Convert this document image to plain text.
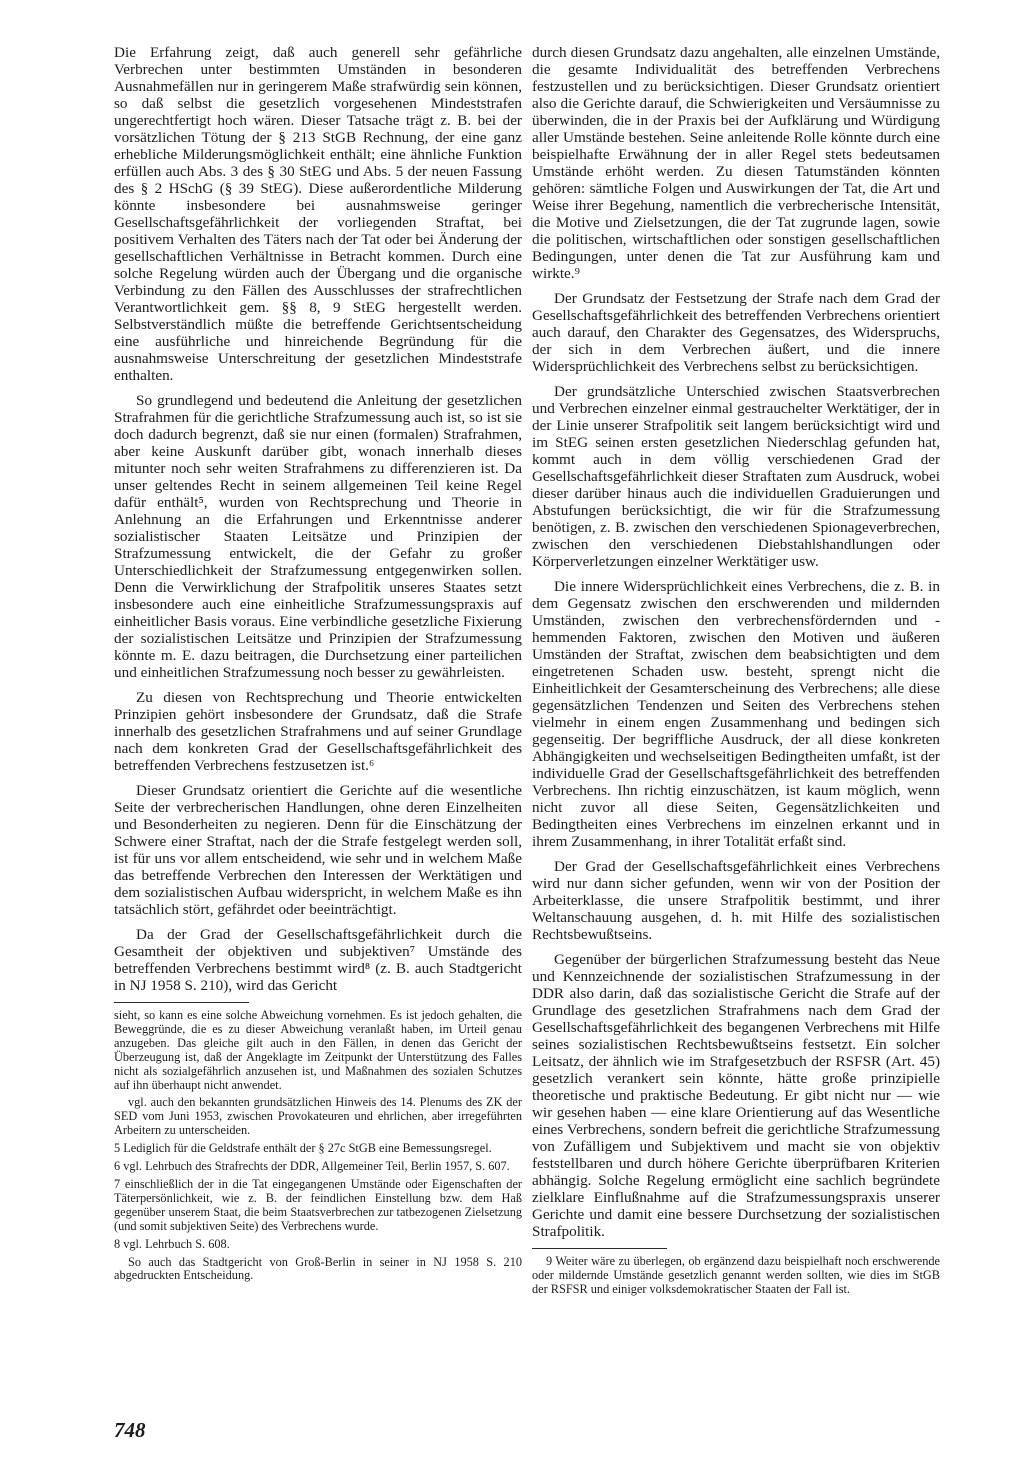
Die Erfahrung zeigt, daß auch generell sehr gefährliche Verbrechen unter bestimmten Umständen in besonderen Ausnahmefällen nur in geringerem Maße strafwürdig sein können, so daß selbst die gesetzlich vorgesehenen Mindeststrafen ungerechtfertigt hoch wären. Dieser Tatsache trägt z. B. bei der vorsätzlichen Tötung der § 213 StGB Rechnung, der eine ganz erhebliche Milderungsmöglichkeit enthält; eine ähnliche Funktion erfüllen auch Abs. 3 des § 30 StEG und Abs. 5 der neuen Fassung des § 2 HSchG (§ 39 StEG). Diese außerordentliche Milderung könnte insbesondere bei ausnahmsweise geringer Gesellschaftsgefährlichkeit der vorliegenden Straftat, bei positivem Verhalten des Täters nach der Tat oder bei Änderung der gesellschaftlichen Verhältnisse in Betracht kommen. Durch eine solche Regelung würden auch der Übergang und die organische Verbindung zu den Fällen des Ausschlusses der strafrechtlichen Verantwortlichkeit gem. §§ 8, 9 StEG hergestellt werden. Selbstverständlich müßte die betreffende Gerichtsentscheidung eine ausführliche und hinreichende Begründung für die ausnahmsweise Unterschreitung der gesetzlichen Mindeststrafe enthalten.

So grundlegend und bedeutend die Anleitung der gesetzlichen Strafrahmen für die gerichtliche Strafzumessung auch ist, so ist sie doch dadurch begrenzt, daß sie nur einen (formalen) Strafrahmen, aber keine Auskunft darüber gibt, wonach innerhalb dieses mitunter noch sehr weiten Strafrahmens zu differenzieren ist. Da unser geltendes Recht in seinem allgemeinen Teil keine Regel dafür enthält⁵, wurden von Rechtsprechung und Theorie in Anlehnung an die Erfahrungen und Erkenntnisse anderer sozialistischer Staaten Leitsätze und Prinzipien der Strafzumessung entwickelt, die der Gefahr zu großer Unterschiedlichkeit der Strafzumessung entgegenwirken sollen. Denn die Verwirklichung der Strafpolitik unseres Staates setzt insbesondere auch eine einheitliche Strafzumessungspraxis auf einheitlicher Basis voraus. Eine verbindliche gesetzliche Fixierung der sozialistischen Leitsätze und Prinzipien der Strafzumessung könnte m. E. dazu beitragen, die Durchsetzung einer parteilichen und einheitlichen Strafzumessung noch besser zu gewährleisten.

Zu diesen von Rechtsprechung und Theorie entwickelten Prinzipien gehört insbesondere der Grundsatz, daß die Strafe innerhalb des gesetzlichen Strafrahmens und auf seiner Grundlage nach dem konkreten Grad der Gesellschaftsgefährlichkeit des betreffenden Verbrechens festzusetzen ist.⁶

Dieser Grundsatz orientiert die Gerichte auf die wesentliche Seite der verbrecherischen Handlungen, ohne deren Einzelheiten und Besonderheiten zu negieren. Denn für die Einschätzung der Schwere einer Straftat, nach der die Strafe festgelegt werden soll, ist für uns vor allem entscheidend, wie sehr und in welchem Maße das betreffende Verbrechen den Interessen der Werktätigen und dem sozialistischen Aufbau widerspricht, in welchem Maße es ihn tatsächlich stört, gefährdet oder beeinträchtigt.

Da der Grad der Gesellschaftsgefährlichkeit durch die Gesamtheit der objektiven und subjektiven⁷ Umstände des betreffenden Verbrechens bestimmt wird⁸ (z. B. auch Stadtgericht in NJ 1958 S. 210), wird das Gericht

sieht, so kann es eine solche Abweichung vornehmen. Es ist jedoch gehalten, die Beweggründe, die es zu dieser Abweichung veranlaßt haben, im Urteil genau anzugeben. Das gleiche gilt auch in den Fällen, in denen das Gericht der Überzeugung ist, daß der Angeklagte im Zeitpunkt der Unterstützung des Falles nicht als sozialgefährlich anzusehen ist, und Maßnahmen des sozialen Schutzes auf ihn überhaupt nicht anwendet.

vgl. auch den bekannten grundsätzlichen Hinweis des 14. Plenums des ZK der SED vom Juni 1953, zwischen Provokateuren und ehrlichen, aber irregeführten Arbeitern zu unterscheiden.

5 Lediglich für die Geldstrafe enthält der § 27c StGB eine Bemessungsregel.

6 vgl. Lehrbuch des Strafrechts der DDR, Allgemeiner Teil, Berlin 1957, S. 607.

7 einschließlich der in die Tat eingegangenen Umstände oder Eigenschaften der Täterpersönlichkeit, wie z. B. der feindlichen Einstellung bzw. dem Haß gegenüber unserem Staat, die beim Staatsverbrechen zur tatbezogenen Zielsetzung (und somit subjektiven Seite) des Verbrechens wurde.

8 vgl. Lehrbuch S. 608.

So auch das Stadtgericht von Groß-Berlin in seiner in NJ 1958 S. 210 abgedruckten Entscheidung.

durch diesen Grundsatz dazu angehalten, alle einzelnen Umstände, die gesamte Individualität des betreffenden Verbrechens festzustellen und zu berücksichtigen. Dieser Grundsatz orientiert also die Gerichte darauf, die Schwierigkeiten und Versäumnisse zu überwinden, die in der Praxis bei der Aufklärung und Würdigung aller Umstände bestehen. Seine anleitende Rolle könnte durch eine beispielhafte Erwähnung der in aller Regel stets bedeutsamen Umstände erhöht werden. Zu diesen Tatumständen könnten gehören: sämtliche Folgen und Auswirkungen der Tat, die Art und Weise ihrer Begehung, namentlich die verbrecherische Intensität, die Motive und Zielsetzungen, die der Tat zugrunde lagen, sowie die politischen, wirtschaftlichen oder sonstigen gesellschaftlichen Bedingungen, unter denen die Tat zur Ausführung kam und wirkte.⁹

Der Grundsatz der Festsetzung der Strafe nach dem Grad der Gesellschaftsgefährlichkeit des betreffenden Verbrechens orientiert auch darauf, den Charakter des Gegensatzes, des Widerspruchs, der sich in dem Verbrechen äußert, und die innere Widersprüchlichkeit des Verbrechens selbst zu berücksichtigen.

Der grundsätzliche Unterschied zwischen Staatsverbrechen und Verbrechen einzelner einmal gestrauchelter Werktätiger, der in der Linie unserer Strafpolitik seit langem berücksichtigt wird und im StEG seinen ersten gesetzlichen Niederschlag gefunden hat, kommt auch in dem völlig verschiedenen Grad der Gesellschaftsgefährlichkeit dieser Straftaten zum Ausdruck, wobei dieser darüber hinaus auch die individuellen Graduierungen und Abstufungen berücksichtigt, die wir für die Strafzumessung benötigen, z. B. zwischen den verschiedenen Spionageverbrechen, zwischen den verschiedenen Diebstahlshandlungen oder Körperverletzungen einzelner Werktätiger usw.

Die innere Widersprüchlichkeit eines Verbrechens, die z. B. in dem Gegensatz zwischen den erschwerenden und mildernden Umständen, zwischen den verbrechensfördernden und -hemmenden Faktoren, zwischen den Motiven und äußeren Umständen der Straftat, zwischen dem beabsichtigten und dem eingetretenen Schaden usw. besteht, sprengt nicht die Einheitlichkeit der Gesamterscheinung des Verbrechens; alle diese gegensätzlichen Tendenzen und Seiten des Verbrechens stehen vielmehr in einem engen Zusammenhang und bedingen sich gegenseitig. Der begriffliche Ausdruck, der all diese konkreten Abhängigkeiten und wechselseitigen Bedingtheiten umfaßt, ist der individuelle Grad der Gesellschaftsgefährlichkeit des betreffenden Verbrechens. Ihn richtig einzuschätzen, ist kaum möglich, wenn nicht zuvor all diese Seiten, Gegensätzlichkeiten und Bedingtheiten eines Verbrechens im einzelnen erkannt und in ihrem Zusammenhang, in ihrer Totalität erfaßt sind.

Der Grad der Gesellschaftsgefährlichkeit eines Verbrechens wird nur dann sicher gefunden, wenn wir von der Position der Arbeiterklasse, die unsere Strafpolitik bestimmt, und ihrer Weltanschauung ausgehen, d. h. mit Hilfe des sozialistischen Rechtsbewußtseins.

Gegenüber der bürgerlichen Strafzumessung besteht das Neue und Kennzeichnende der sozialistischen Strafzumessung in der DDR also darin, daß das sozialistische Gericht die Strafe auf der Grundlage des gesetzlichen Strafrahmens nach dem Grad der Gesellschaftsgefährlichkeit des begangenen Verbrechens mit Hilfe seines sozialistischen Rechtsbewußtseins festsetzt. Ein solcher Leitsatz, der ähnlich wie im Strafgesetzbuch der RSFSR (Art. 45) gesetzlich verankert sein könnte, hätte große prinzipielle theoretische und praktische Bedeutung. Er gibt nicht nur — wie wir gesehen haben — eine klare Orientierung auf das Wesentliche eines Verbrechens, sondern befreit die gerichtliche Strafzumessung von Zufälligem und Subjektivem und macht sie von objektiv feststellbaren und durch höhere Gerichte überprüfbaren Kriterien abhängig. Solche Regelung ermöglicht eine sachlich begründete zielklare Einflußnahme auf die Strafzumessungspraxis unserer Gerichte und damit eine bessere Durchsetzung der sozialistischen Strafpolitik.

9 Weiter wäre zu überlegen, ob ergänzend dazu beispielhaft noch erschwerende oder mildernde Umstände gesetzlich genannt werden sollten, wie dies im StGB der RSFSR und einiger volksdemokratischer Staaten der Fall ist.

748
